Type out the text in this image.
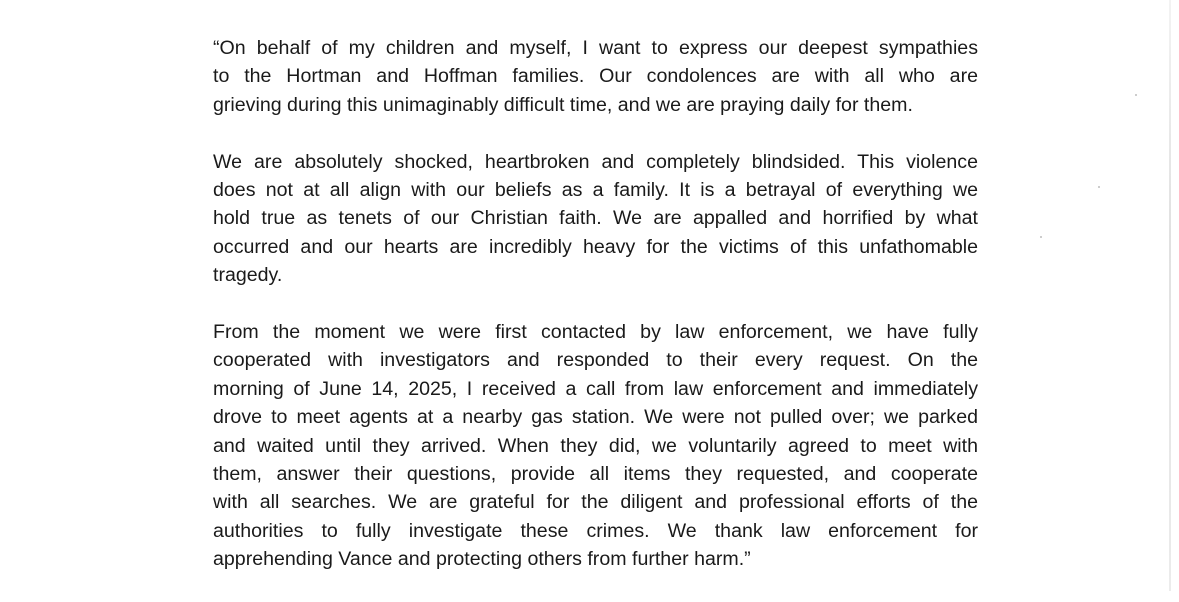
“On behalf of my children and myself, I want to express our deepest sympathies
to the Hortman and Hoffman families. Our condolences are with all who are
grieving during this unimaginably difficult time, and we are praying daily for them.

We are absolutely shocked, heartbroken and completely blindsided. This violence
does not at all align with our beliefs as a family. It is a betrayal of everything we
hold true as tenets of our Christian faith. We are appalled and horrified by what
occurred and our hearts are incredibly heavy for the victims of this unfathomable
tragedy.

From the moment we were first contacted by law enforcement, we have fully
cooperated with investigators and responded to their every request. On the
morning of June 14, 2025, I received a call from law enforcement and immediately
drove to meet agents at a nearby gas station. We were not pulled over; we parked
and waited until they arrived. When they did, we voluntarily agreed to meet with
them, answer their questions, provide all items they requested, and cooperate
with all searches. We are grateful for the diligent and professional efforts of the
authorities to fully investigate these crimes. We thank law enforcement for
apprehending Vance and protecting others from further harm.”
